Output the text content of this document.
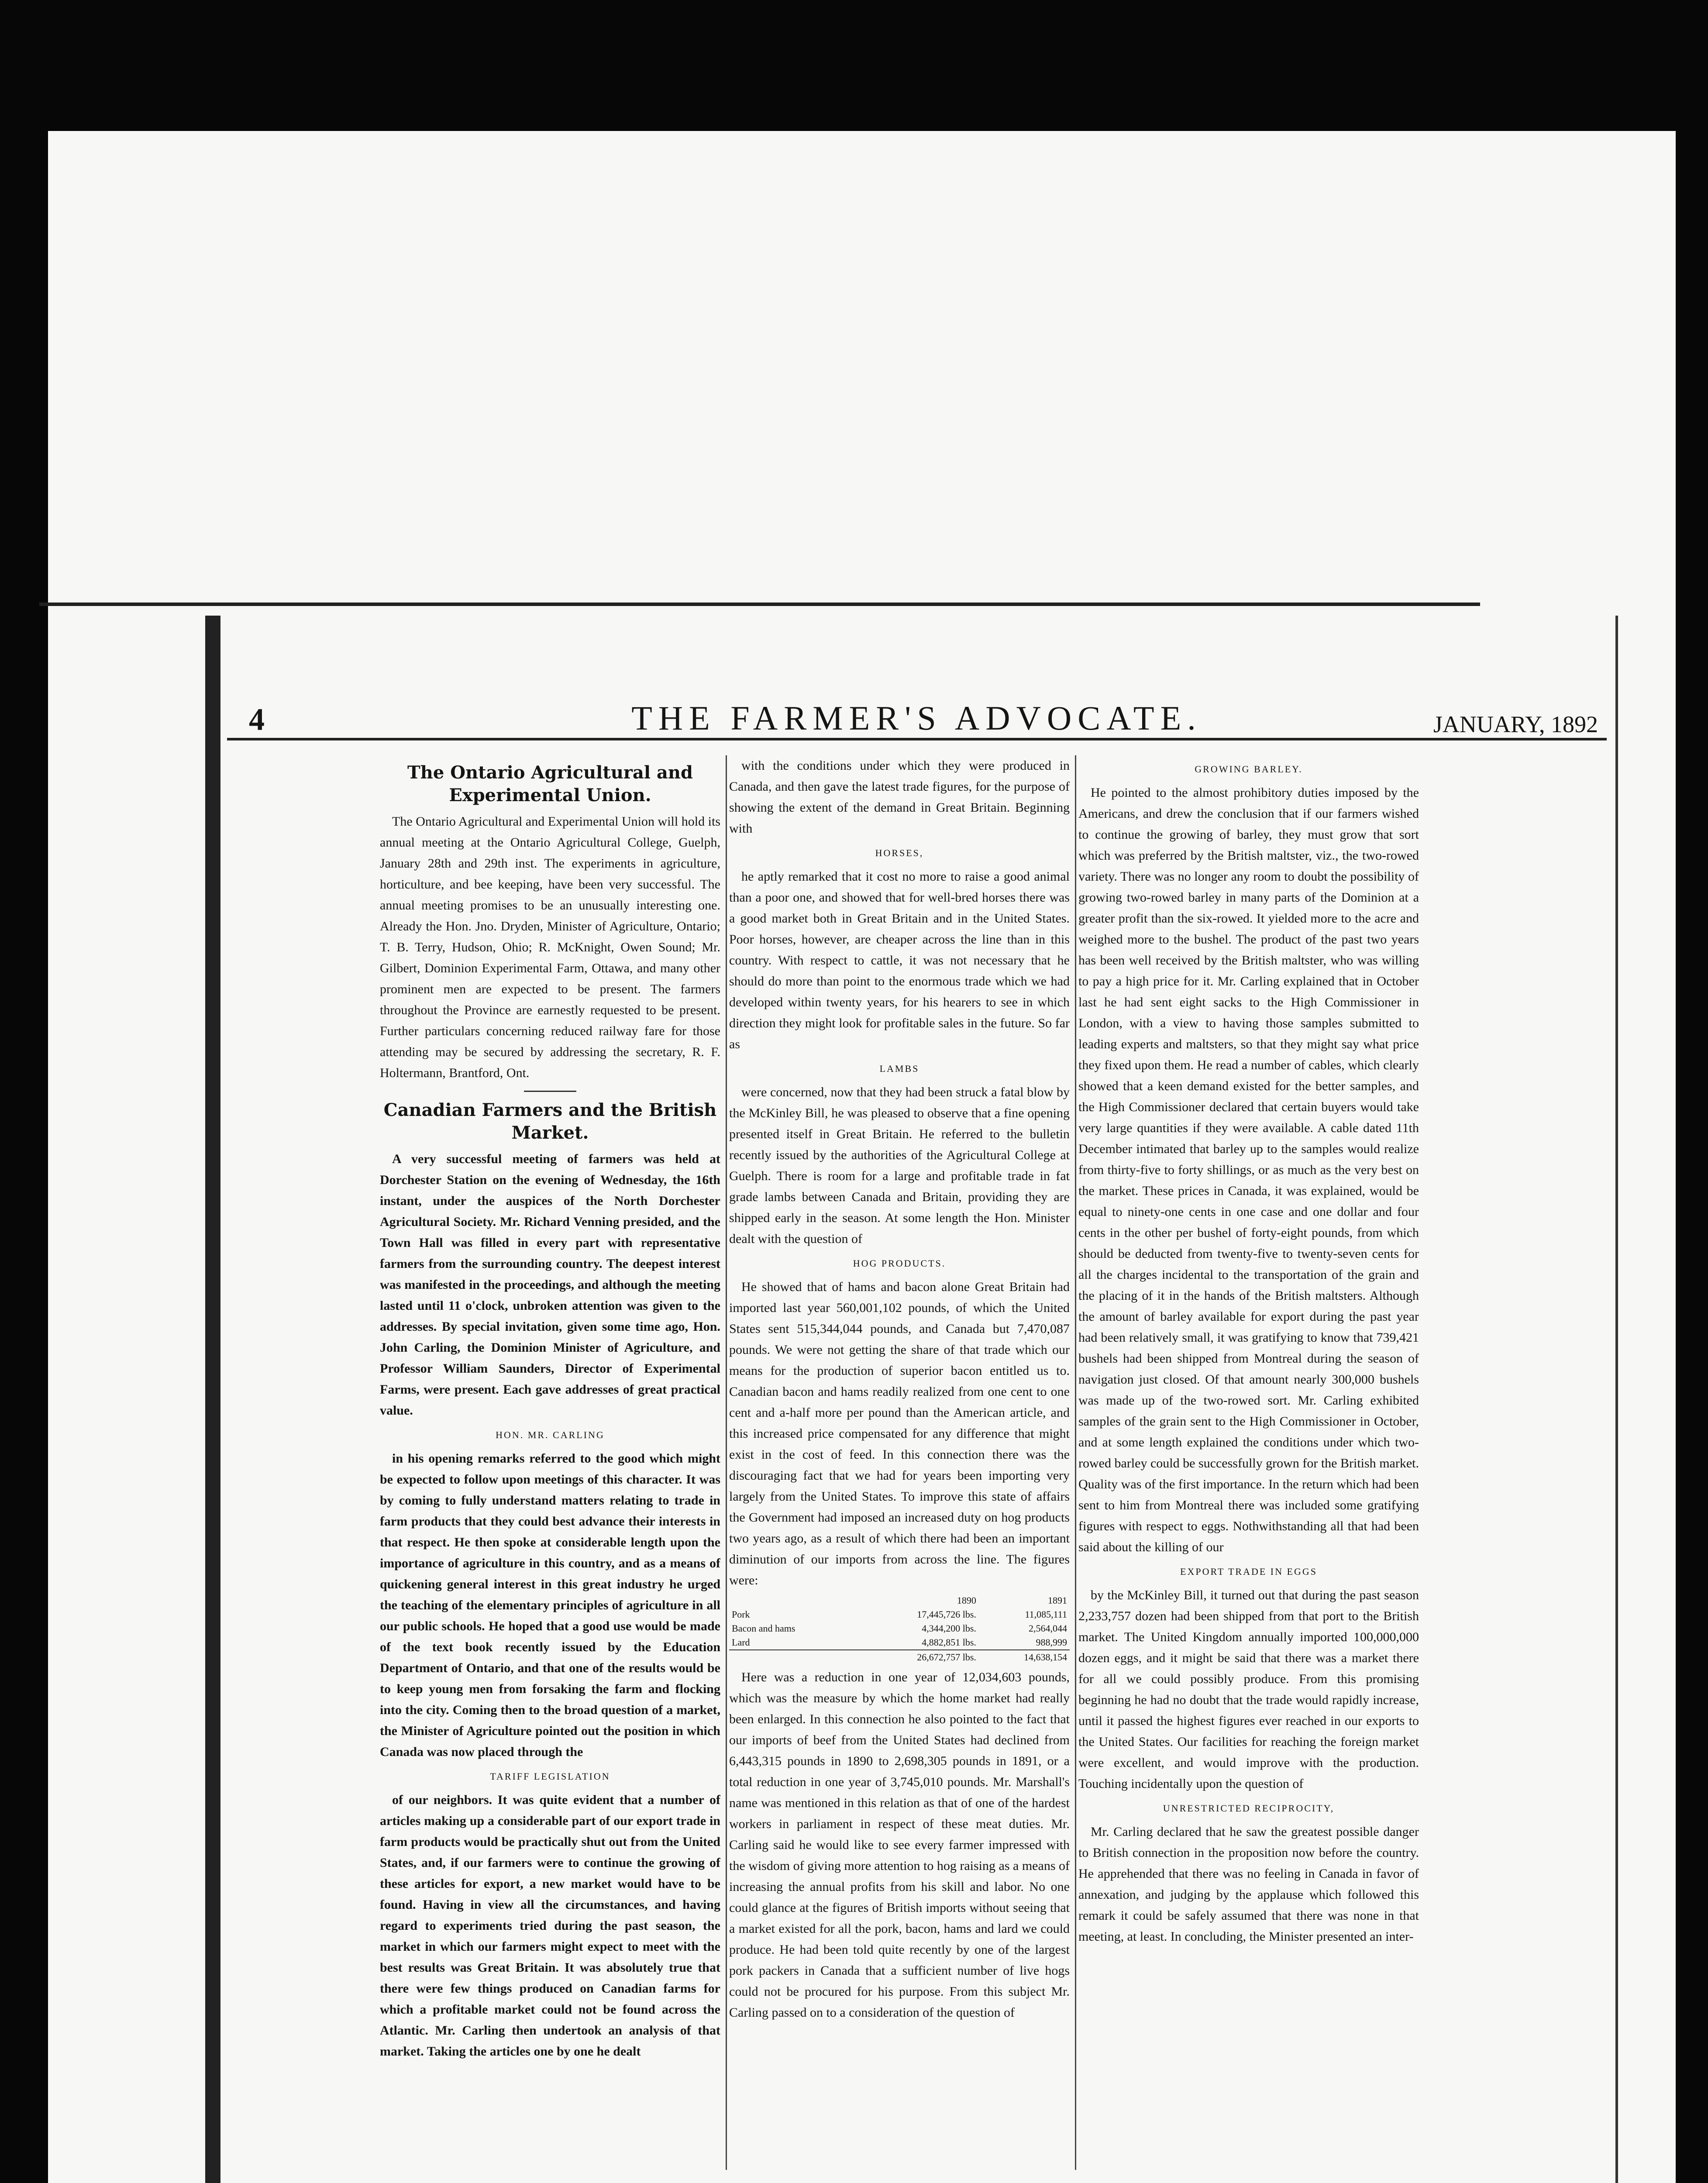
4	THE FARMER'S ADVOCATE.	JANUARY, 1892
The Ontario Agricultural and Experimental Union.

The Ontario Agricultural and Experimental Union will hold its annual meeting at the Ontario Agricultural College, Guelph, January 28th and 29th inst. The experiments in agriculture, horticulture, and bee keeping, have been very successful. The annual meeting promises to be an unusually interesting one. Already the Hon. Jno. Dryden, Minister of Agriculture, Ontario; T. B. Terry, Hudson, Ohio; R. McKnight, Owen Sound; Mr. Gilbert, Dominion Experimental Farm, Ottawa, and many other prominent men are expected to be present. The farmers throughout the Province are earnestly requested to be present. Further particulars concerning reduced railway fare for those attending may be secured by addressing the secretary, R. F. Holtermann, Brantford, Ont.

Canadian Farmers and the British Market.

A very successful meeting of farmers was held at Dorchester Station on the evening of Wednesday, the 16th instant, under the auspices of the North Dorchester Agricultural Society. Mr. Richard Venning presided, and the Town Hall was filled in every part with representative farmers from the surrounding country. The deepest interest was manifested in the proceedings, and although the meeting lasted until 11 o'clock, unbroken attention was given to the addresses. By special invitation, given some time ago, Hon. John Carling, the Dominion Minister of Agriculture, and Professor William Saunders, Director of Experimental Farms, were present. Each gave addresses of great practical value.

HON. MR. CARLING

in his opening remarks referred to the good which might be expected to follow upon meetings of this character. It was by coming to fully understand matters relating to trade in farm products that they could best advance their interests in that respect. He then spoke at considerable length upon the importance of agriculture in this country, and as a means of quickening general interest in this great industry he urged the teaching of the elementary principles of agriculture in all our public schools. He hoped that a good use would be made of the text book recently issued by the Education Department of Ontario, and that one of the results would be to keep young men from forsaking the farm and flocking into the city. Coming then to the broad question of a market, the Minister of Agriculture pointed out the position in which Canada was now placed through the

TARIFF LEGISLATION

of our neighbors. It was quite evident that a number of articles making up a considerable part of our export trade in farm products would be practically shut out from the United States, and, if our farmers were to continue the growing of these articles for export, a new market would have to be found. Having in view all the circumstances, and having regard to experiments tried during the past season, the market in which our farmers might expect to meet with the best results was Great Britain. It was absolutely true that there were few things produced on Canadian farms for which a profitable market could not be found across the Atlantic. Mr. Carling then undertook an analysis of that market. Taking the articles one by one he dealt

with the conditions under which they were produced in Canada, and then gave the latest trade figures, for the purpose of showing the extent of the demand in Great Britain. Beginning with

HORSES,

he aptly remarked that it cost no more to raise a good animal than a poor one, and showed that for well-bred horses there was a good market both in Great Britain and in the United States. Poor horses, however, are cheaper across the line than in this country. With respect to cattle, it was not necessary that he should do more than point to the enormous trade which we had developed within twenty years, for his hearers to see in which direction they might look for profitable sales in the future. So far as

LAMBS

were concerned, now that they had been struck a fatal blow by the McKinley Bill, he was pleased to observe that a fine opening presented itself in Great Britain. He referred to the bulletin recently issued by the authorities of the Agricultural College at Guelph. There is room for a large and profitable trade in fat grade lambs between Canada and Britain, providing they are shipped early in the season. At some length the Hon. Minister dealt with the question of

HOG PRODUCTS.

He showed that of hams and bacon alone Great Britain had imported last year 560,001,102 pounds, of which the United States sent 515,344,044 pounds, and Canada but 7,470,087 pounds. We were not getting the share of that trade which our means for the production of superior bacon entitled us to. Canadian bacon and hams readily realized from one cent to one cent and a-half more per pound than the American article, and this increased price compensated for any difference that might exist in the cost of feed. In this connection there was the discouraging fact that we had for years been importing very largely from the United States. To improve this state of affairs the Government had imposed an increased duty on hog products two years ago, as a result of which there had been an important diminution of our imports from across the line. The figures were:

	1890	1891
Pork	17,445,726 lbs.	11,085,111
Bacon and hams	4,344,200 lbs.	2,564,044
Lard	4,882,851 lbs.	988,999
	26,672,757 lbs.	14,638,154

Here was a reduction in one year of 12,034,603 pounds, which was the measure by which the home market had really been enlarged. In this connection he also pointed to the fact that our imports of beef from the United States had declined from 6,443,315 pounds in 1890 to 2,698,305 pounds in 1891, or a total reduction in one year of 3,745,010 pounds. Mr. Marshall's name was mentioned in this relation as that of one of the hardest workers in parliament in respect of these meat duties. Mr. Carling said he would like to see every farmer impressed with the wisdom of giving more attention to hog raising as a means of increasing the annual profits from his skill and labor. No one could glance at the figures of British imports without seeing that a market existed for all the pork, bacon, hams and lard we could produce. He had been told quite recently by one of the largest pork packers in Canada that a sufficient number of live hogs could not be procured for his purpose. From this subject Mr. Carling passed on to a consideration of the question of

GROWING BARLEY.

He pointed to the almost prohibitory duties imposed by the Americans, and drew the conclusion that if our farmers wished to continue the growing of barley, they must grow that sort which was preferred by the British maltster, viz., the two-rowed variety. There was no longer any room to doubt the possibility of growing two-rowed barley in many parts of the Dominion at a greater profit than the six-rowed. It yielded more to the acre and weighed more to the bushel. The product of the past two years has been well received by the British maltster, who was willing to pay a high price for it. Mr. Carling explained that in October last he had sent eight sacks to the High Commissioner in London, with a view to having those samples submitted to leading experts and maltsters, so that they might say what price they fixed upon them. He read a number of cables, which clearly showed that a keen demand existed for the better samples, and the High Commissioner declared that certain buyers would take very large quantities if they were available. A cable dated 11th December intimated that barley up to the samples would realize from thirty-five to forty shillings, or as much as the very best on the market. These prices in Canada, it was explained, would be equal to ninety-one cents in one case and one dollar and four cents in the other per bushel of forty-eight pounds, from which should be deducted from twenty-five to twenty-seven cents for all the charges incidental to the transportation of the grain and the placing of it in the hands of the British maltsters. Although the amount of barley available for export during the past year had been relatively small, it was gratifying to know that 739,421 bushels had been shipped from Montreal during the season of navigation just closed. Of that amount nearly 300,000 bushels was made up of the two-rowed sort. Mr. Carling exhibited samples of the grain sent to the High Commissioner in October, and at some length explained the conditions under which two-rowed barley could be successfully grown for the British market. Quality was of the first importance. In the return which had been sent to him from Montreal there was included some gratifying figures with respect to eggs. Nothwithstanding all that had been said about the killing of our

EXPORT TRADE IN EGGS

by the McKinley Bill, it turned out that during the past season 2,233,757 dozen had been shipped from that port to the British market. The United Kingdom annually imported 100,000,000 dozen eggs, and it might be said that there was a market there for all we could possibly produce. From this promising beginning he had no doubt that the trade would rapidly increase, until it passed the highest figures ever reached in our exports to the United States. Our facilities for reaching the foreign market were excellent, and would improve with the production. Touching incidentally upon the question of

UNRESTRICTED RECIPROCITY,

Mr. Carling declared that he saw the greatest possible danger to British connection in the proposition now before the country. He apprehended that there was no feeling in Canada in favor of annexation, and judging by the applause which followed this remark it could be safely assumed that there was none in that meeting, at least. In concluding, the Minister presented an inter-
